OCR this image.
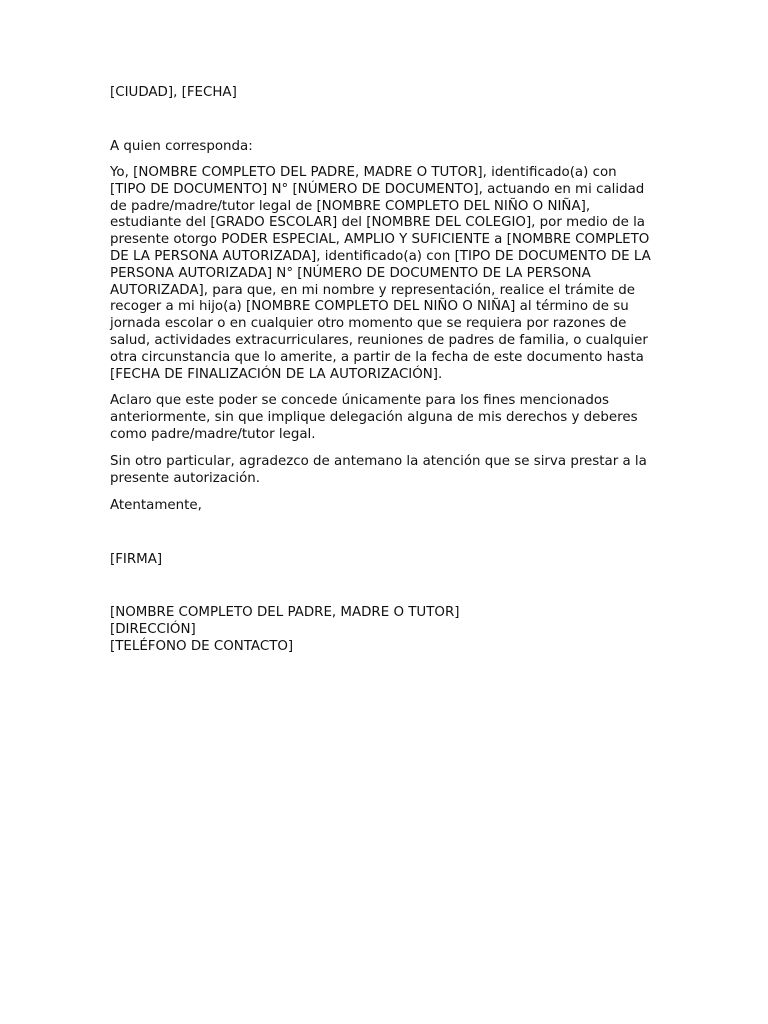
[CIUDAD], [FECHA]

A quien corresponda:

Yo, [NOMBRE COMPLETO DEL PADRE, MADRE O TUTOR], identificado(a) con [TIPO DE DOCUMENTO] N° [NÚMERO DE DOCUMENTO], actuando en mi calidad de padre/madre/tutor legal de [NOMBRE COMPLETO DEL NIÑO O NIÑA], estudiante del [GRADO ESCOLAR] del [NOMBRE DEL COLEGIO], por medio de la presente otorgo PODER ESPECIAL, AMPLIO Y SUFICIENTE a [NOMBRE COMPLETO DE LA PERSONA AUTORIZADA], identificado(a) con [TIPO DE DOCUMENTO DE LA PERSONA AUTORIZADA] N° [NÚMERO DE DOCUMENTO DE LA PERSONA AUTORIZADA], para que, en mi nombre y representación, realice el trámite de recoger a mi hijo(a) [NOMBRE COMPLETO DEL NIÑO O NIÑA] al término de su jornada escolar o en cualquier otro momento que se requiera por razones de salud, actividades extracurriculares, reuniones de padres de familia, o cualquier otra circunstancia que lo amerite, a partir de la fecha de este documento hasta [FECHA DE FINALIZACIÓN DE LA AUTORIZACIÓN].

Aclaro que este poder se concede únicamente para los fines mencionados anteriormente, sin que implique delegación alguna de mis derechos y deberes como padre/madre/tutor legal.

Sin otro particular, agradezco de antemano la atención que se sirva prestar a la presente autorización.

Atentamente,

[FIRMA]

[NOMBRE COMPLETO DEL PADRE, MADRE O TUTOR]

[DIRECCIÓN]

[TELÉFONO DE CONTACTO]
